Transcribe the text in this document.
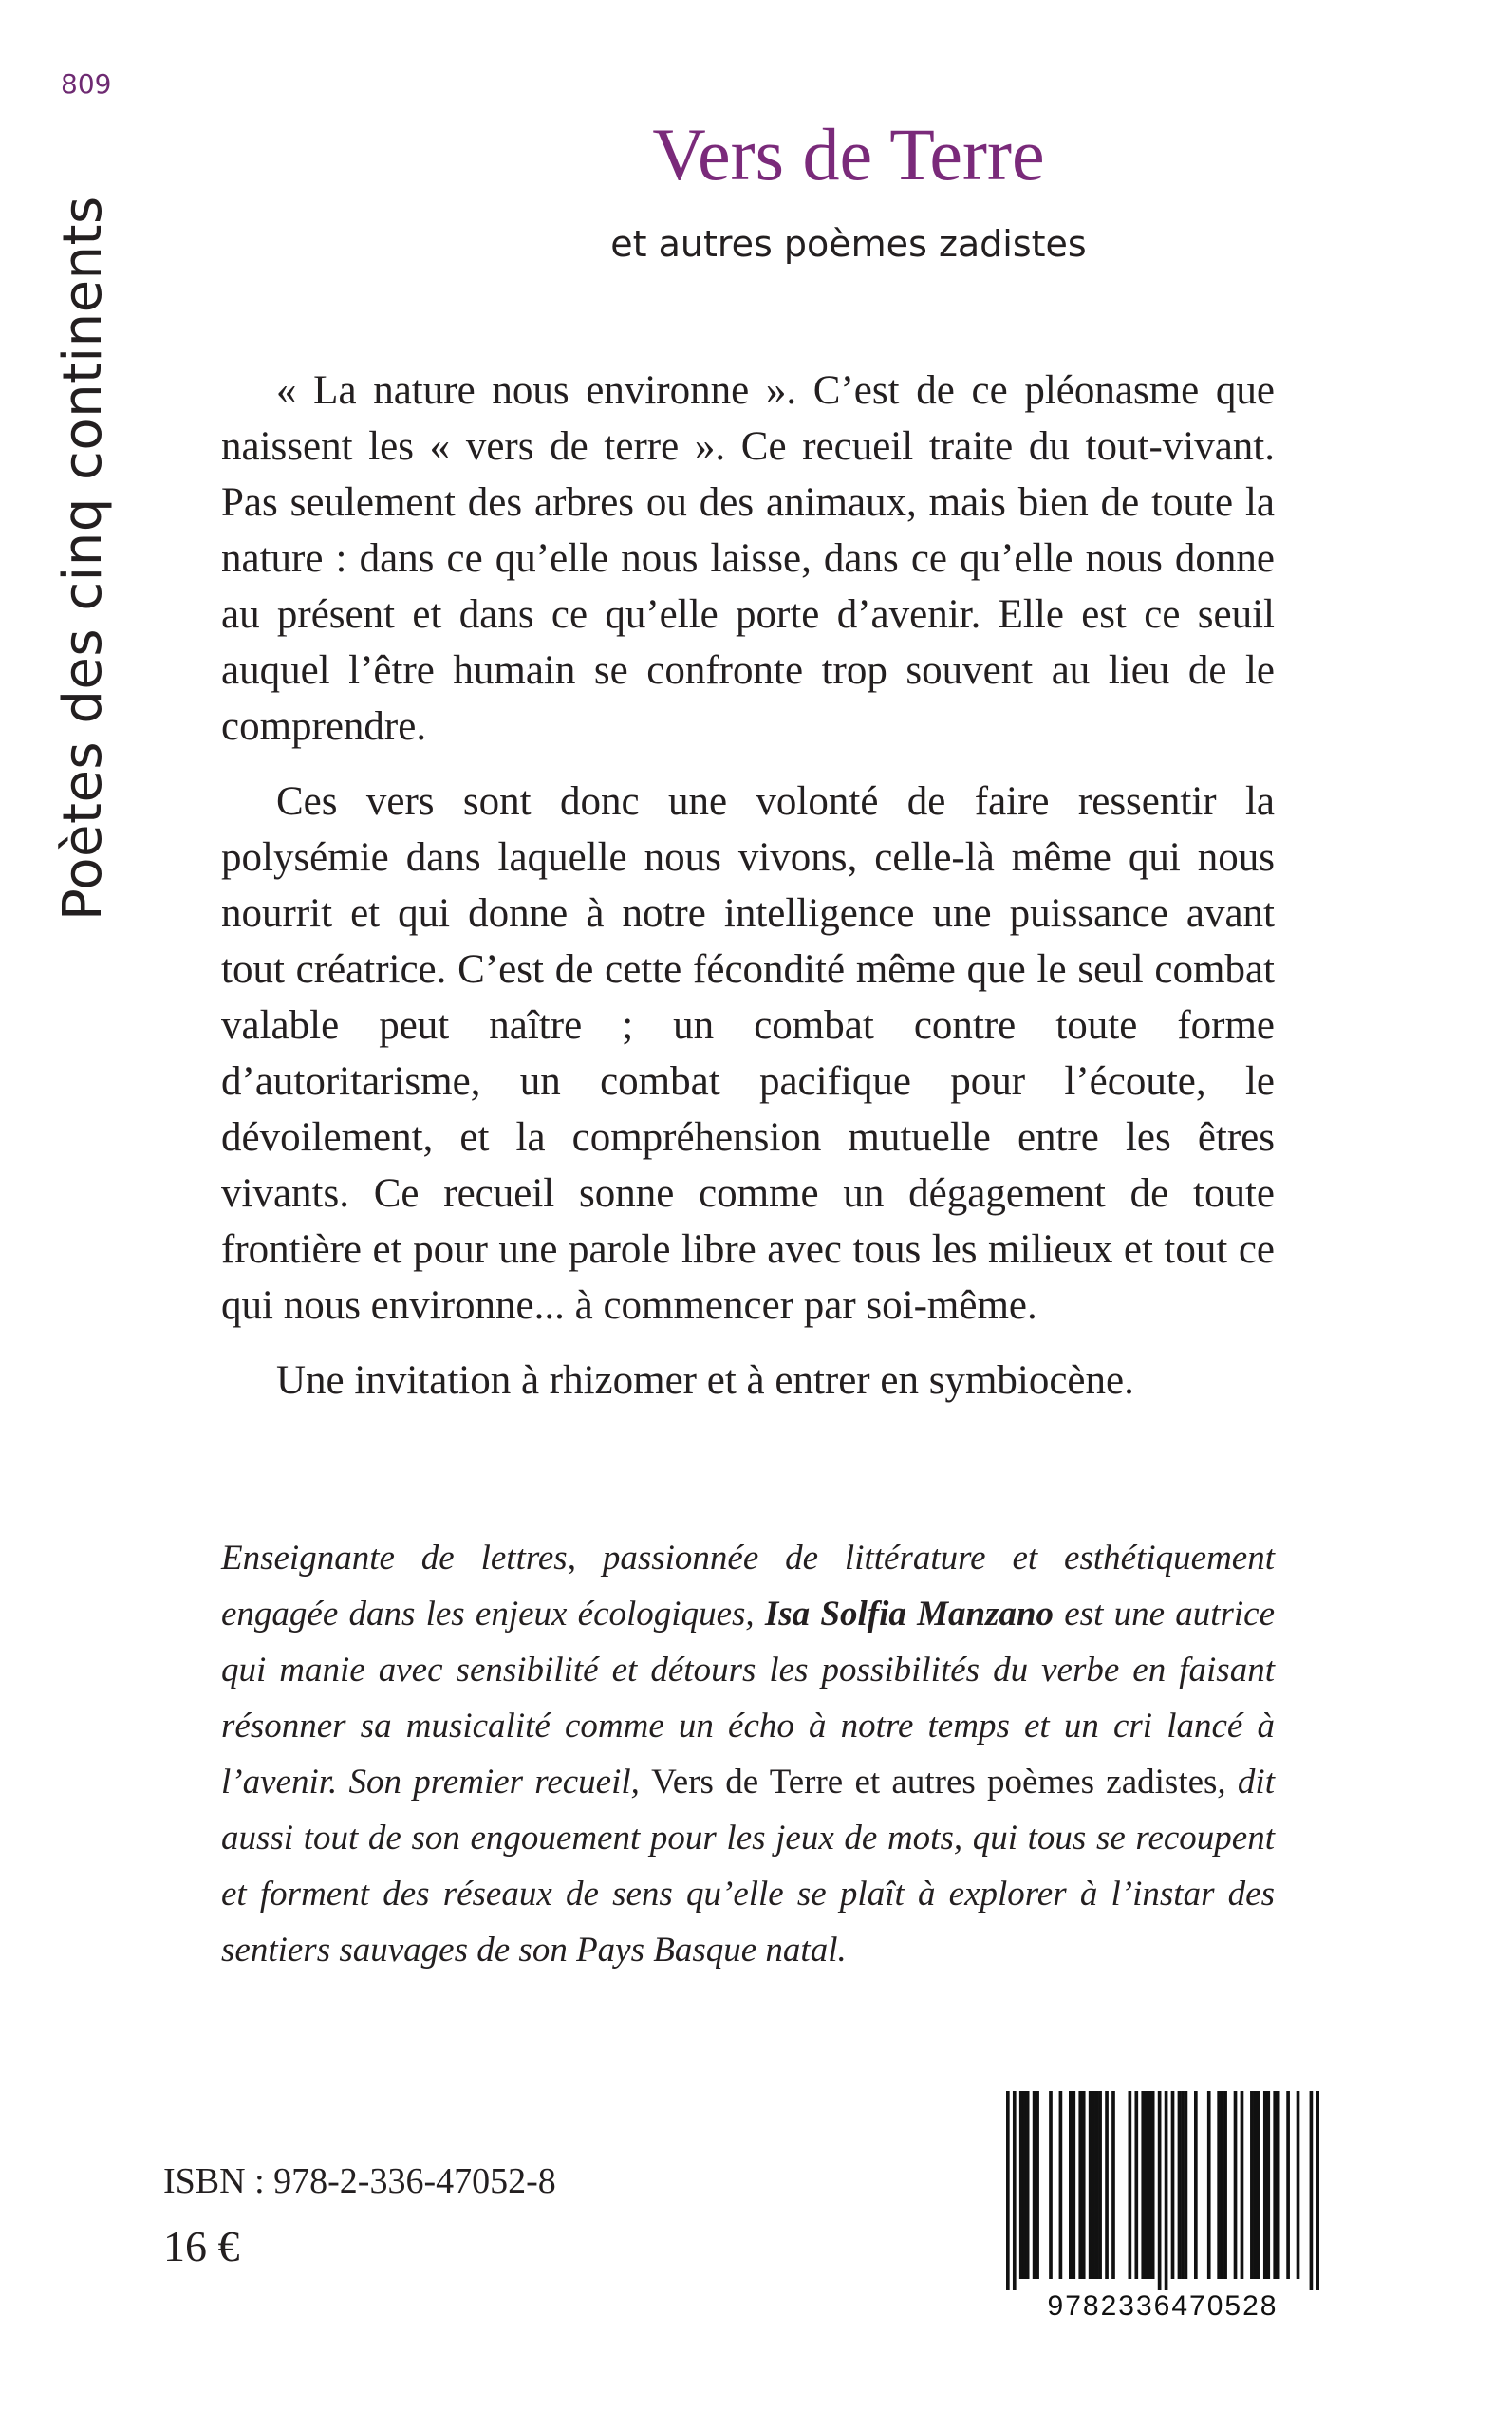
809
Poètes des cinq continents
Vers de Terre
et autres poèmes zadistes

« La nature nous environne ». C’est de ce pléonasme que naissent les « vers de terre ». Ce recueil traite du tout-vivant. Pas seulement des arbres ou des animaux, mais bien de toute la nature : dans ce qu’elle nous laisse, dans ce qu’elle nous donne au présent et dans ce qu’elle porte d’avenir. Elle est ce seuil auquel l’être humain se confronte trop souvent au lieu de le comprendre.

Ces vers sont donc une volonté de faire ressentir la polysémie dans laquelle nous vivons, celle-là même qui nous nourrit et qui donne à notre intelligence une puissance avant tout créatrice. C’est de cette fécondité même que le seul combat valable peut naître ; un combat contre toute forme d’autoritarisme, un combat pacifique pour l’écoute, le dévoilement, et la compréhension mutuelle entre les êtres vivants. Ce recueil sonne comme un dégagement de toute frontière et pour une parole libre avec tous les milieux et tout ce qui nous environne... à commencer par soi-même.

Une invitation à rhizomer et à entrer en symbiocène.

Enseignante de lettres, passionnée de littérature et esthétiquement engagée dans les enjeux écologiques, Isa Solfia Manzano est une autrice qui manie avec sensibilité et détours les possibilités du verbe en faisant résonner sa musicalité comme un écho à notre temps et un cri lancé à l’avenir. Son premier recueil, Vers de Terre et autres poèmes zadistes, dit aussi tout de son engouement pour les jeux de mots, qui tous se recoupent et forment des réseaux de sens qu’elle se plaît à explorer à l’instar des sentiers sauvages de son Pays Basque natal.

ISBN : 978-2-336-47052-8
16 €
9782336470528
